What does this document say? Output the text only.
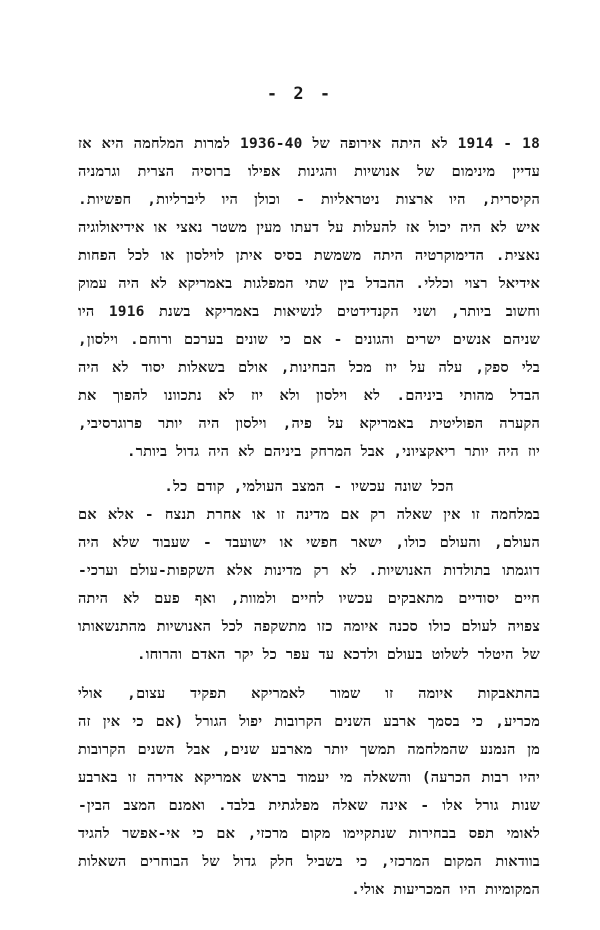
- 2 -
18 - 1914 לא היתה אירופה של 1936-40 למרות המלחמה היא אז
עדיין מינימום של אנושיות והגינות אפילו ברוסיה הצרית וגרמניה
הקיסרית, היו ארצות ניטראליות - וכולן היו ליברליות, חפשיות.
איש לא היה יכול אז להעלות על דעתו מעין משטר נאצי או אידיאולוגיה
נאצית. הדימוקרטיה היתה משמשת בסיס איתן לוילסון או לכל הפחות
אידיאל רצוי וכללי. ההבדל בין שתי המפלגות באמריקא לא היה עמוק
וחשוב ביותר, ושני הקנדידטים לנשיאות באמריקא בשנת 1916 היו
שניהם אנשים ישרים והגונים - אם כי שונים בערכם ורוחם. וילסון,
בלי ספק, עלה על יוז מכל הבחינות, אולם בשאלות יסוד לא היה
הבדל מהותי ביניהם. לא וילסון ולא יוז לא נתכוונו להפוך את
הקערה הפוליטית באמריקא על פיה, וילסון היה יותר פרוגרסיבי,
יוז היה יותר ריאקציוני, אבל המרחק ביניהם לא היה גדול ביותר.
הכל שונה עכשיו - המצב העולמי, קודם כל.
במלחמה זו אין שאלה רק אם מדינה זו או אחרת תנצח - אלא אם
העולם, והעולם כולו, ישאר חפשי או ישועבד - שעבוד שלא היה
דוגמתו בתולדות האנושיות. לא רק מדינות אלא השקפות-עולם וערכי-
חיים יסודיים מתאבקים עכשיו לחיים ולמוות, ואף פעם לא היתה
צפויה לעולם כולו סכנה איומה כזו מתשקפה לכל האנושיות מהתנשאותו
של היטלר לשלוט בעולם ולדכא עד עפר כל יקר האדם והרוחו.
בהתאבקות איומה זו שמור לאמריקא תפקיד עצום, אולי
מכריע, כי בסמך ארבע השנים הקרובות יפול הגורל (אם כי אין זה
מן הנמנע שהמלחמה תמשך יותר מארבע שנים, אבל השנים הקרובות
יהיו רבות הכרעה) והשאלה מי יעמוד בראש אמריקא אדירה זו בארבע
שנות גורל אלו - אינה שאלה מפלגתית בלבד. ואמנם המצב הבין-
לאומי תפס בבחירות שנתקיימו מקום מרכזי, אם כי אי-אפשר להגיד
בוודאות המקום המרכזי, כי בשביל חלק גדול של הבוחרים השאלות
המקומיות היו המכריעות אולי.
